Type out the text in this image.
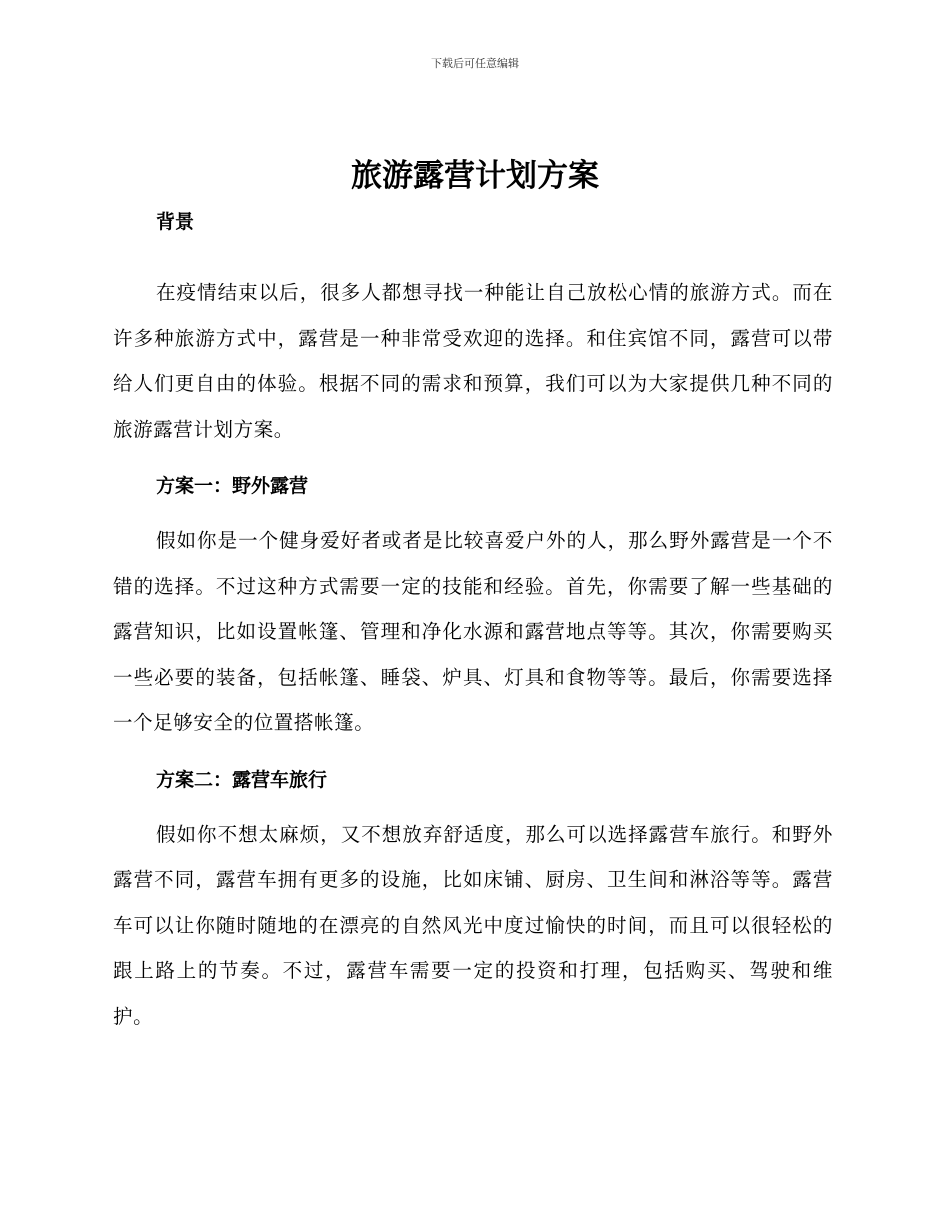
下载后可任意编辑
旅游露营计划方案
背景

在疫情结束以后，很多人都想寻找一种能让自己放松心情的旅游方式。而在许多种旅游方式中，露营是一种非常受欢迎的选择。和住宾馆不同，露营可以带给人们更自由的体验。根据不同的需求和预算，我们可以为大家提供几种不同的旅游露营计划方案。

方案一：野外露营

假如你是一个健身爱好者或者是比较喜爱户外的人，那么野外露营是一个不错的选择。不过这种方式需要一定的技能和经验。首先，你需要了解一些基础的露营知识，比如设置帐篷、管理和净化水源和露营地点等等。其次，你需要购买一些必要的装备，包括帐篷、睡袋、炉具、灯具和食物等等。最后，你需要选择一个足够安全的位置搭帐篷。

方案二：露营车旅行

假如你不想太麻烦，又不想放弃舒适度，那么可以选择露营车旅行。和野外露营不同，露营车拥有更多的设施，比如床铺、厨房、卫生间和淋浴等等。露营车可以让你随时随地的在漂亮的自然风光中度过愉快的时间，而且可以很轻松的跟上路上的节奏。不过，露营车需要一定的投资和打理，包括购买、驾驶和维护。
